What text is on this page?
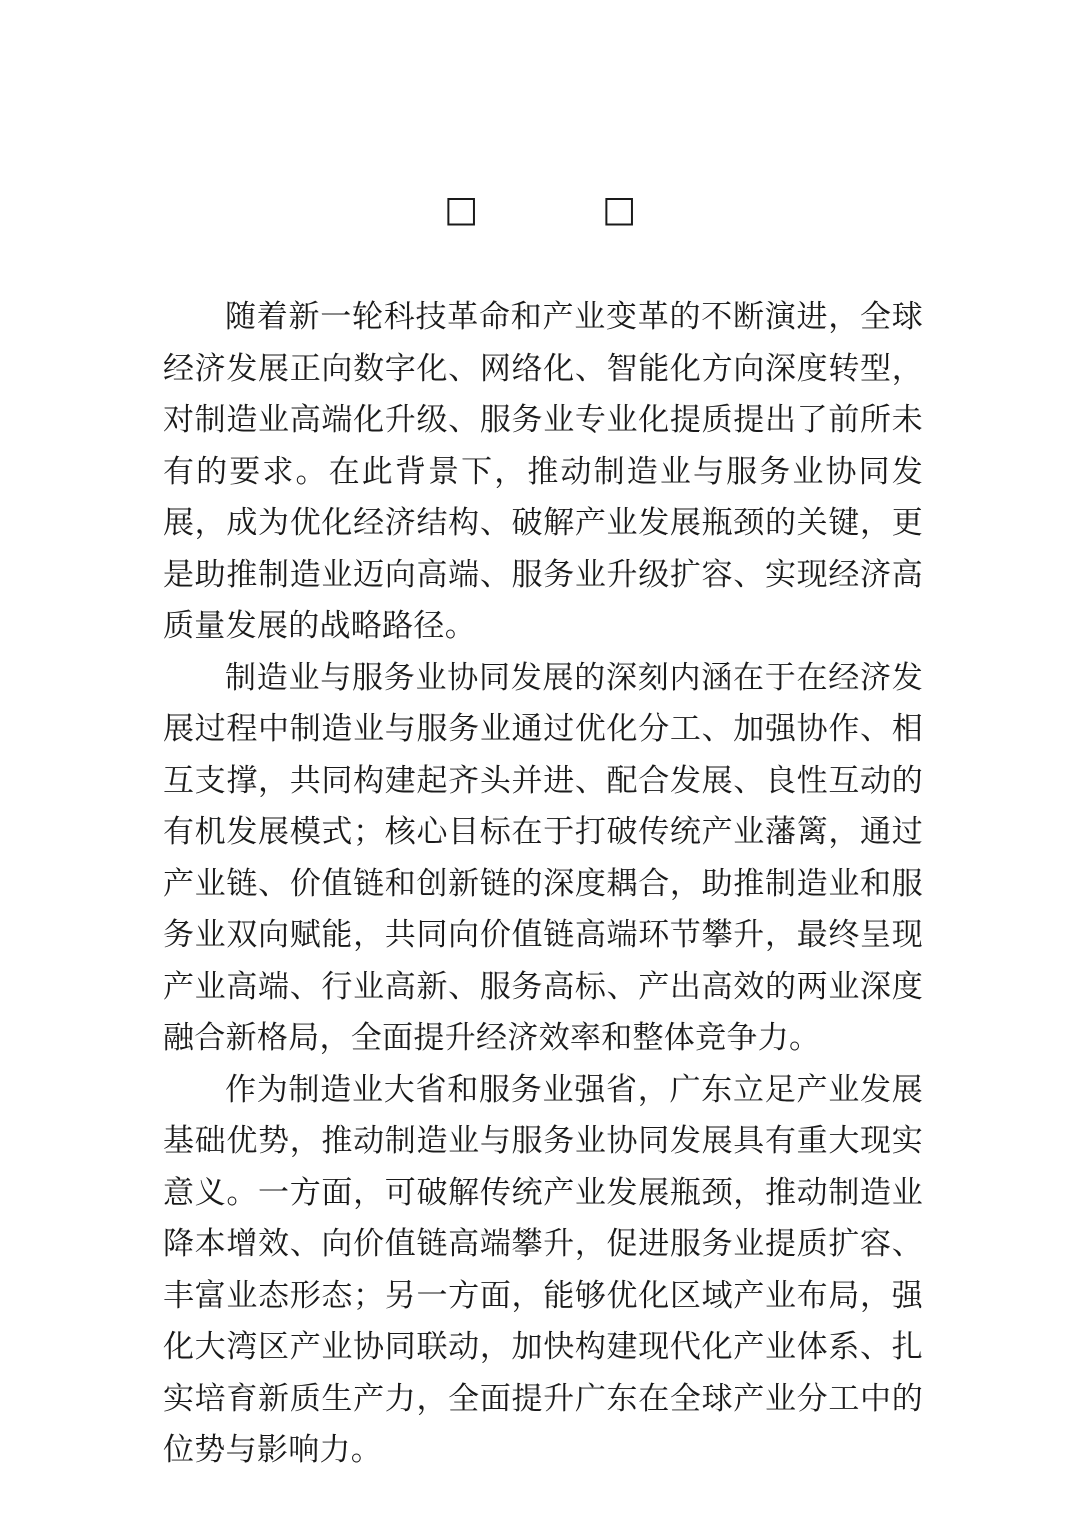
□　□

随着新一轮科技革命和产业变革的不断演进，全球经济发展正向数字化、网络化、智能化方向深度转型，对制造业高端化升级、服务业专业化提质提出了前所未有的要求。在此背景下，推动制造业与服务业协同发展，成为优化经济结构、破解产业发展瓶颈的关键，更是助推制造业迈向高端、服务业升级扩容、实现经济高质量发展的战略路径。

制造业与服务业协同发展的深刻内涵在于在经济发展过程中制造业与服务业通过优化分工、加强协作、相互支撑，共同构建起齐头并进、配合发展、良性互动的有机发展模式；核心目标在于打破传统产业藩篱，通过产业链、价值链和创新链的深度耦合，助推制造业和服务业双向赋能，共同向价值链高端环节攀升，最终呈现产业高端、行业高新、服务高标、产出高效的两业深度融合新格局，全面提升经济效率和整体竞争力。

作为制造业大省和服务业强省，广东立足产业发展基础优势，推动制造业与服务业协同发展具有重大现实意义。一方面，可破解传统产业发展瓶颈，推动制造业降本增效、向价值链高端攀升，促进服务业提质扩容、丰富业态形态；另一方面，能够优化区域产业布局，强化大湾区产业协同联动，加快构建现代化产业体系、扎实培育新质生产力，全面提升广东在全球产业分工中的位势与影响力。
